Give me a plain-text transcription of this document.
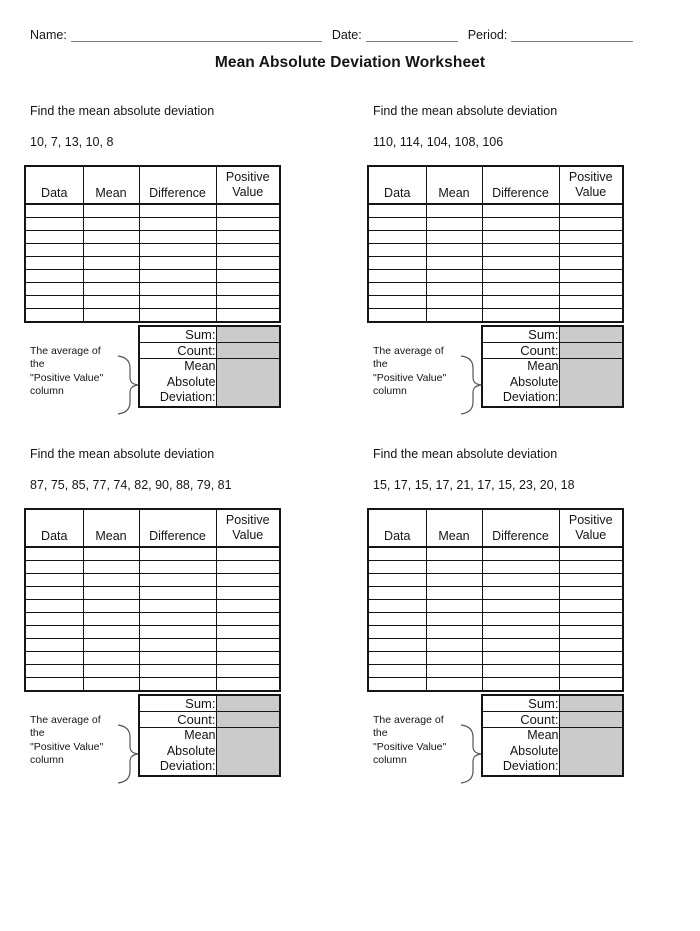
Name:	Date:	Period:
Mean Absolute Deviation Worksheet

Find the mean absolute deviation

10, 7, 13, 10, 8

Data	Mean	Difference	Positive Value

Sum:	
Count:	

Mean
Absolute
Deviation:	

The average of the
"Positive Value"
column

Find the mean absolute deviation

110, 114, 104, 108, 106

Data	Mean	Difference	Positive Value

Sum:	
Count:	

Mean
Absolute
Deviation:	

The average of the
"Positive Value"
column

Find the mean absolute deviation

87, 75, 85, 77, 74, 82, 90, 88, 79, 81

Data	Mean	Difference	Positive Value

Sum:	
Count:	

Mean
Absolute
Deviation:	

The average of the
"Positive Value"
column

Find the mean absolute deviation

15, 17, 15, 17, 21, 17, 15, 23, 20, 18

Data	Mean	Difference	Positive Value

Sum:	
Count:	

Mean
Absolute
Deviation:	

The average of the
"Positive Value"
column
